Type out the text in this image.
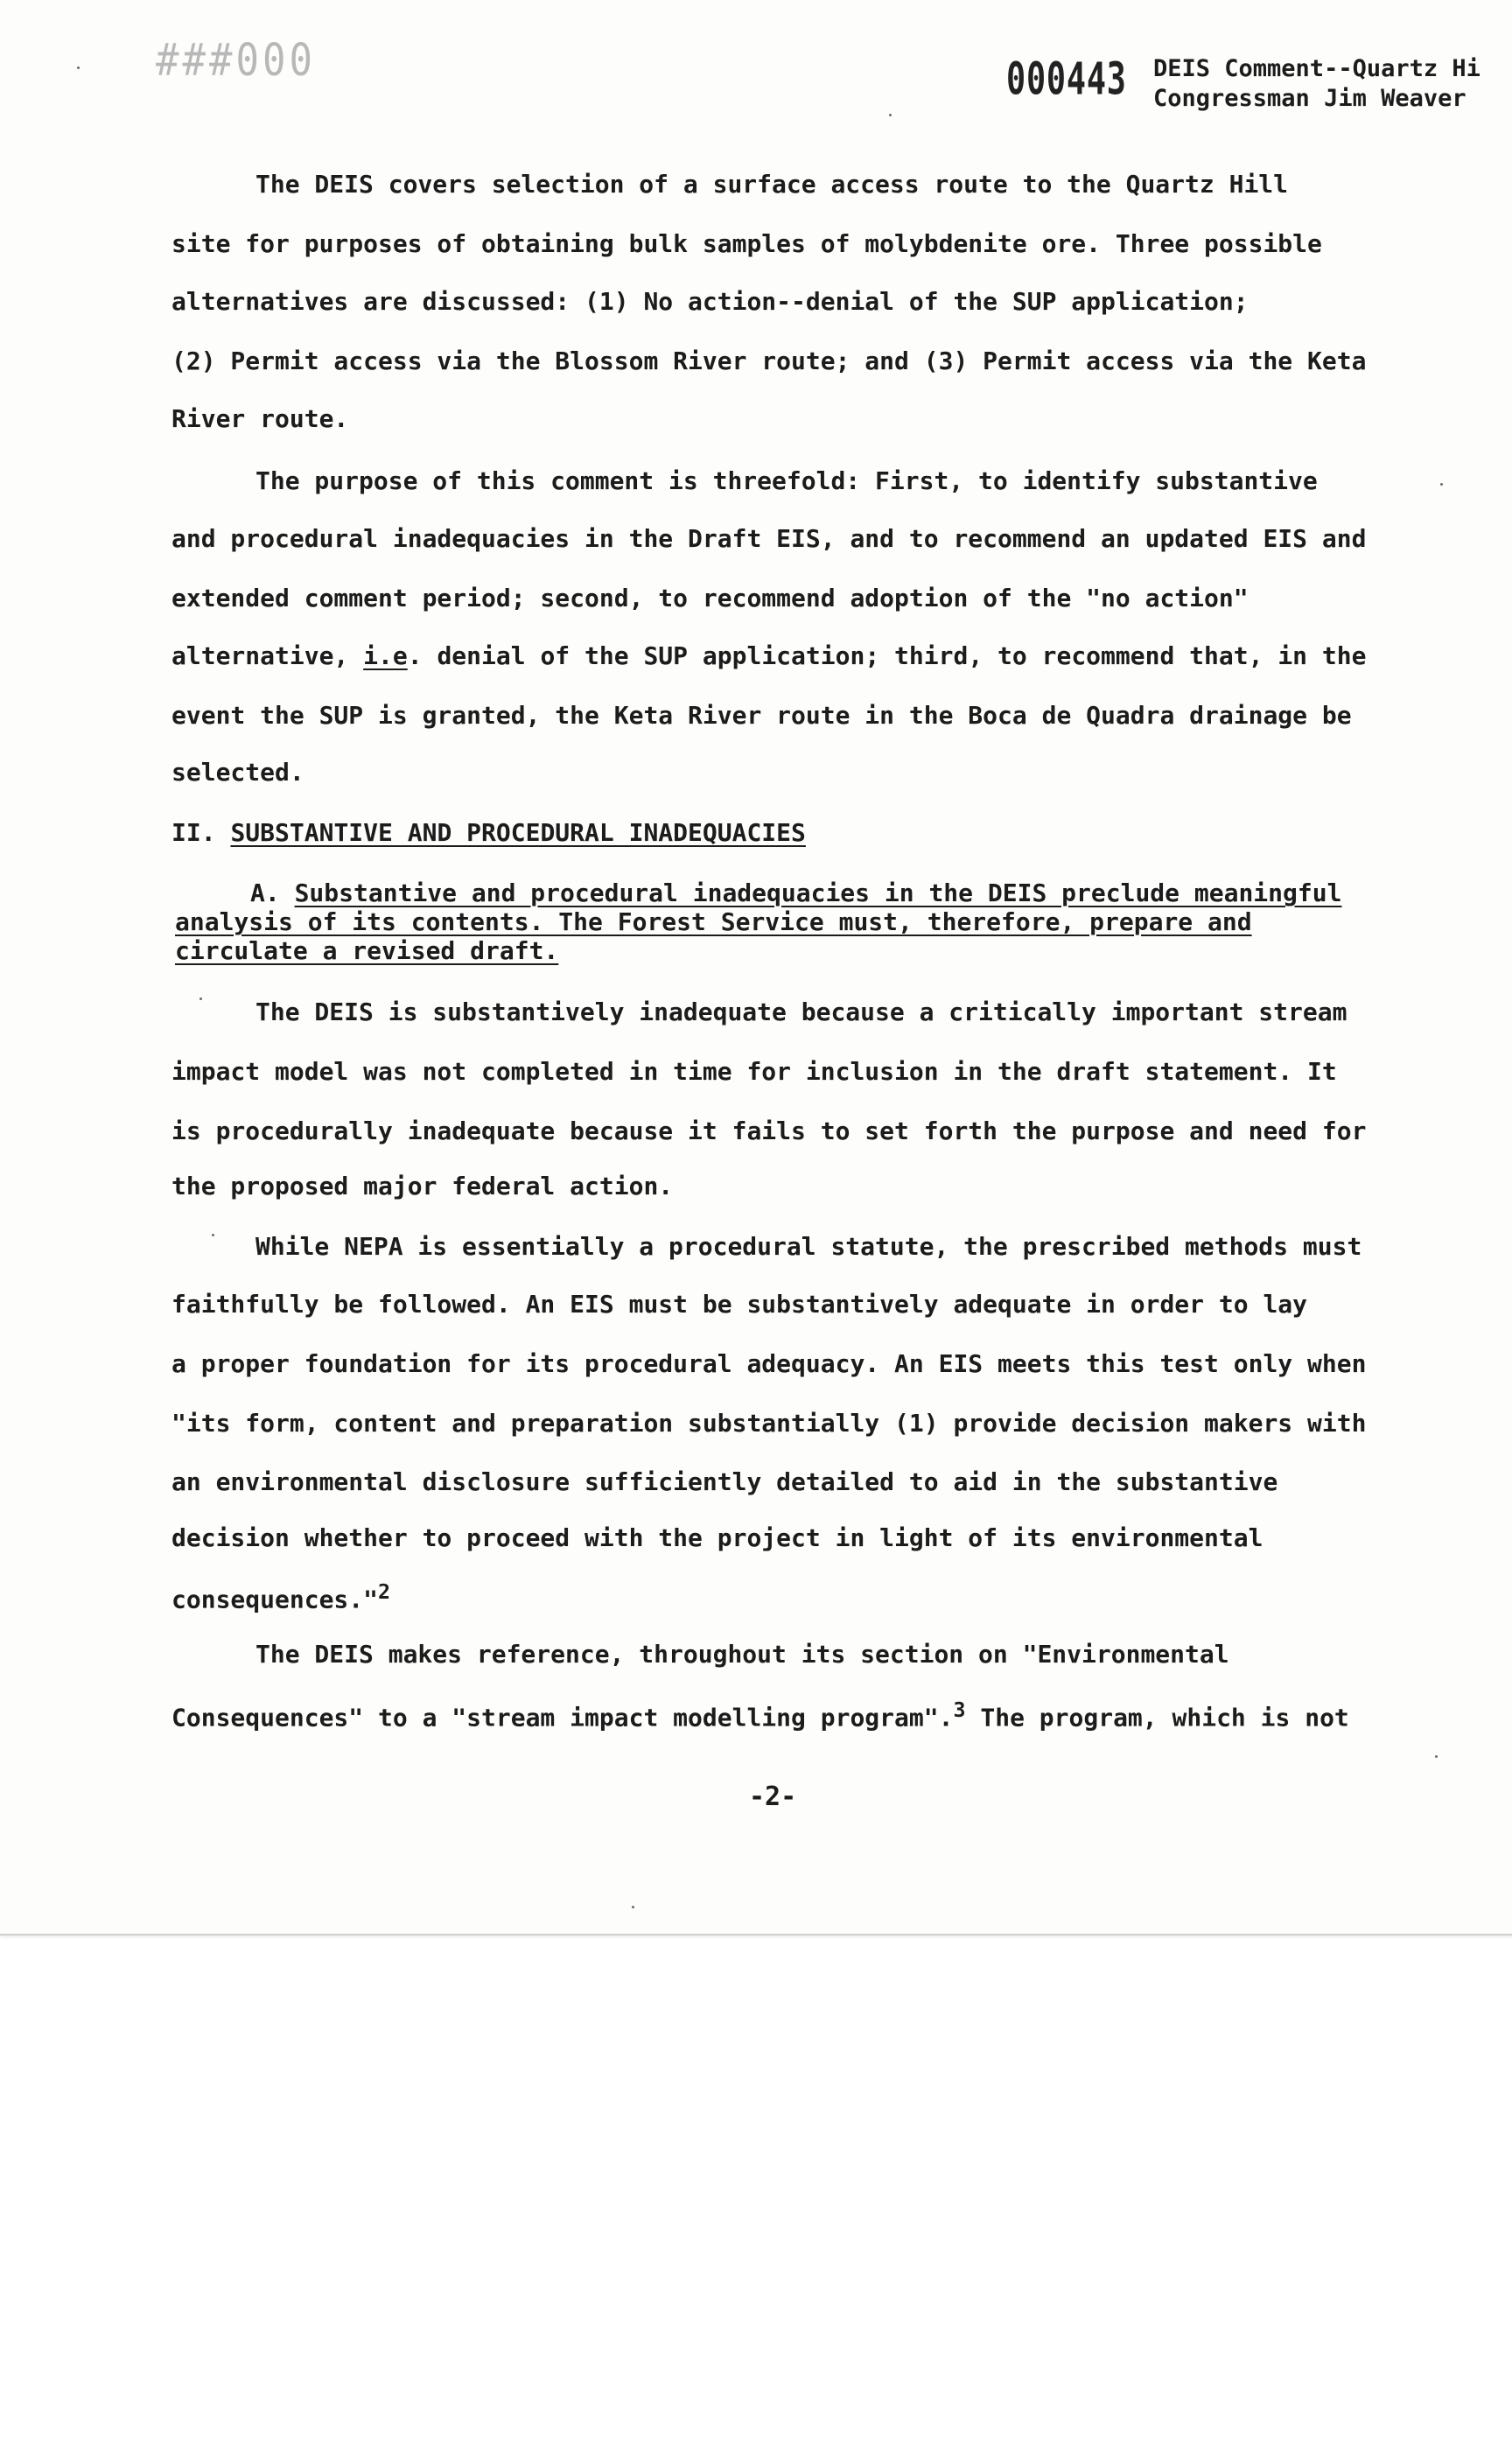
###000	000443 DEIS Comment--Quartz Hi
Congressman Jim Weaver
The DEIS covers selection of a surface access route to the Quartz Hill
site for purposes of obtaining bulk samples of molybdenite ore. Three possible
alternatives are discussed: (1) No action--denial of the SUP application;
(2) Permit access via the Blossom River route; and (3) Permit access via the Keta
River route.
The purpose of this comment is threefold: First, to identify substantive
and procedural inadequacies in the Draft EIS, and to recommend an updated EIS and
extended comment period; second, to recommend adoption of the "no action"
alternative, i.e. denial of the SUP application; third, to recommend that, in the
event the SUP is granted, the Keta River route in the Boca de Quadra drainage be
selected.
II. SUBSTANTIVE AND PROCEDURAL INADEQUACIES
A. Substantive and procedural inadequacies in the DEIS preclude meaningful
analysis of its contents. The Forest Service must, therefore, prepare and
circulate a revised draft.
The DEIS is substantively inadequate because a critically important stream
impact model was not completed in time for inclusion in the draft statement. It
is procedurally inadequate because it fails to set forth the purpose and need for
the proposed major federal action.
While NEPA is essentially a procedural statute, the prescribed methods must
faithfully be followed. An EIS must be substantively adequate in order to lay
a proper foundation for its procedural adequacy. An EIS meets this test only when
"its form, content and preparation substantially (1) provide decision makers with
an environmental disclosure sufficiently detailed to aid in the substantive
decision whether to proceed with the project in light of its environmental
consequences."$^2$
The DEIS makes reference, throughout its section on "Environmental
Consequences" to a "stream impact modelling program".$^3$ The program, which is not
-2-
